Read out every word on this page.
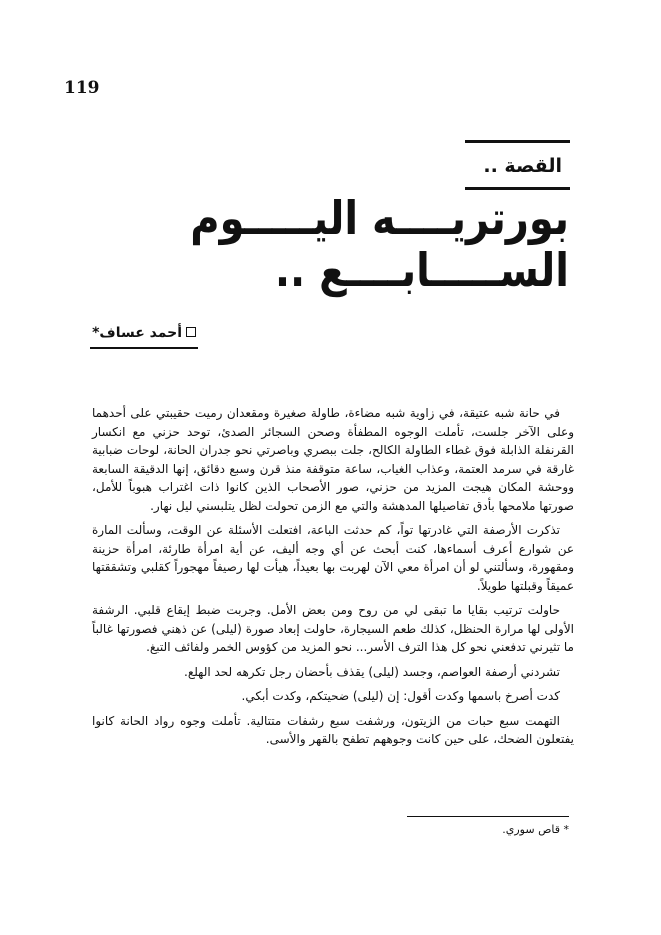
119
القصة ..
بورتريــــه اليـــــوم
الســـــابــــع ..
أحمد عساف*

في حانة شبه عتيقة، في زاوية شبه مضاءة، طاولة صغيرة ومقعدان رميت حقيبتي على أحدهما وعلى الآخر جلست، تأملت الوجوه المطفأة وصحن السجائر الصدئ، توحد حزني مع انكسار القرنفلة الذابلة فوق غطاء الطاولة الكالح، جلت ببصري وباصرتي نحو جدران الحانة، لوحات ضبابية غارقة في سرمد العتمة، وعذاب الغياب، ساعة متوقفة منذ قرن وسبع دقائق، إنها الدقيقة السابعة ووحشة المكان هيجت المزيد من حزني، صور الأصحاب الذين كانوا ذات اغتراب هبوباً للأمل، صورتها ملامحها بأدق تفاصيلها المدهشة والتي مع الزمن تحولت لظل يتلبسني ليل نهار.

تذكرت الأرصفة التي غادرتها تواً، كم حدثت الباعة، افتعلت الأسئلة عن الوقت، وسألت المارة عن شوارع أعرف أسماءها، كنت أبحث عن أي وجه أليف، عن أية امرأة طارئة، امرأة حزينة ومقهورة، وسألتني لو أن امرأة معي الآن لهربت بها بعيداً، هيأت لها رصيفاً مهجوراً كقلبي وتشققتها عميقاً وقبلتها طويلاً.

حاولت ترتيب بقايا ما تبقى لي من روح ومن بعض الأمل. وجربت ضبط إيقاع قلبي. الرشفة الأولى لها مرارة الحنظل، كذلك طعم السيجارة، حاولت إبعاد صورة (ليلى) عن ذهني فصورتها غالباً ما تثيرني تدفعني نحو كل هذا الترف الأسر... نحو المزيد من كؤوس الخمر ولفائف التبغ.

تشردني أرصفة العواصم، وجسد (ليلى) يقذف بأحضان رجل تكرهه لحد الهلع.

كدت أصرخ باسمها وكدت أقول: إن (ليلى) ضحيتكم، وكدت أبكي.

التهمت سبع حبات من الزيتون، ورشفت سبع رشفات متتالية. تأملت وجوه رواد الحانة كانوا يفتعلون الضحك، على حين كانت وجوههم تطفح بالقهر والأسى.

* قاص سوري.
